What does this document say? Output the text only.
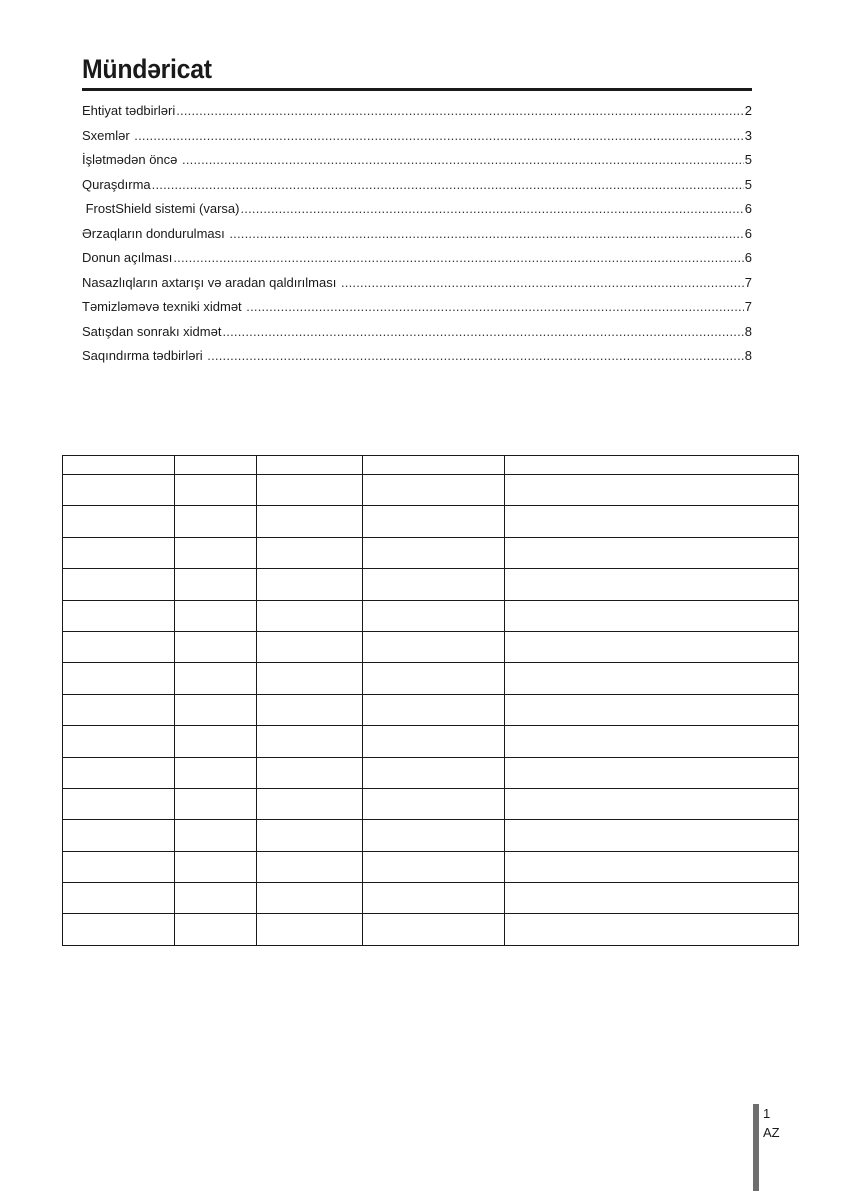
Mündəricat
Ehtiyat tədbirləri .....	2
Sxemlər .....	3
İşlətmədən öncə .....	5
Quraşdırma .....	5
FrostShield sistemi (varsa) .....	6
Ərzaqların dondurulması .....	6
Donun açılması .....	6
Nasazlıqların axtarışı və aradan qaldırılması .....	7
Təmizləməvə texniki xidmət .....	7
Satışdan sonrakı xidmət .....	8
Saqındırma tədbirləri .....	8

1
AZ
